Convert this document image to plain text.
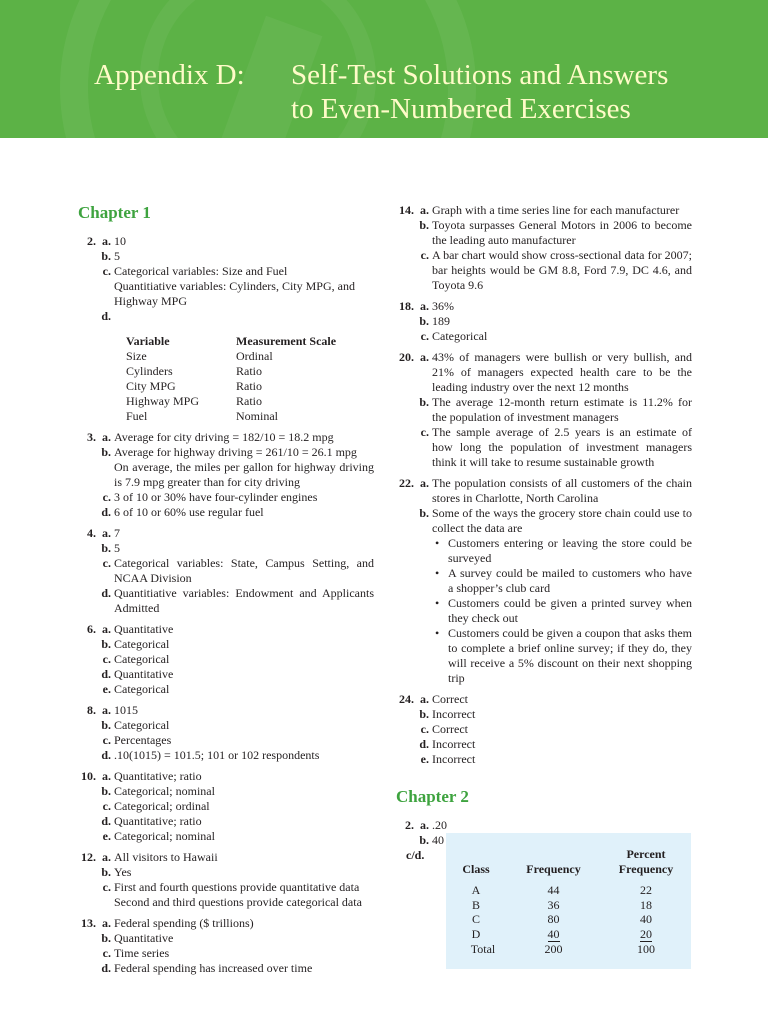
Appendix D: Self-Test Solutions and Answers
to Even-Numbered Exercises
Chapter 1
2. a. 10
b. 5
c. Categorical variables: Size and Fuel
Quantitiative variables: Cylinders, City MPG, and Highway MPG
d.

Variable	Measurement Scale
Size	Ordinal
Cylinders	Ratio
City MPG	Ratio
Highway MPG	Ratio
Fuel	Nominal
3. a. Average for city driving = 182/10 = 18.2 mpg
b. Average for highway driving = 261/10 = 26.1 mpg
On average, the miles per gallon for highway driving is 7.9 mpg greater than for city driving
c. 3 of 10 or 30% have four-cylinder engines
d. 6 of 10 or 60% use regular fuel
4. a. 7
b. 5
c. Categorical variables: State, Campus Setting, and NCAA Division
d. Quantitiative variables: Endowment and Applicants Admitted
6. a. Quantitative
b. Categorical
c. Categorical
d. Quantitative
e. Categorical
8. a. 1015
b. Categorical
c. Percentages
d. .10(1015) = 101.5; 101 or 102 respondents
10. a. Quantitative; ratio
b. Categorical; nominal
c. Categorical; ordinal
d. Quantitative; ratio
e. Categorical; nominal
12. a. All visitors to Hawaii
b. Yes
c. First and fourth questions provide quantitative data
Second and third questions provide categorical data
13. a. Federal spending ($ trillions)
b. Quantitative
c. Time series
d. Federal spending has increased over time
14. a. Graph with a time series line for each manufacturer
b. Toyota surpasses General Motors in 2006 to become the leading auto manufacturer
c. A bar chart would show cross-sectional data for 2007; bar heights would be GM 8.8, Ford 7.9, DC 4.6, and Toyota 9.6
18. a. 36%
b. 189
c. Categorical
20. a. 43% of managers were bullish or very bullish, and 21% of managers expected health care to be the leading industry over the next 12 months
b. The average 12-month return estimate is 11.2% for the population of investment managers
c. The sample average of 2.5 years is an estimate of how long the population of investment managers think it will take to resume sustainable growth
22. a. The population consists of all customers of the chain stores in Charlotte, North Carolina
b. Some of the ways the grocery store chain could use to collect the data are
• Customers entering or leaving the store could be surveyed
• A survey could be mailed to customers who have a shopper’s club card
• Customers could be given a printed survey when they check out
• Customers could be given a coupon that asks them to complete a brief online survey; if they do, they will receive a 5% discount on their next shopping trip
24. a. Correct
b. Incorrect
c. Correct
d. Incorrect
e. Incorrect
Chapter 2
2. a. .20
b. 40
c/d.

Class	Frequency	Percent
Frequency

A	44	22
B	36	18
C	80	40
D	40	20
Total	200	100
